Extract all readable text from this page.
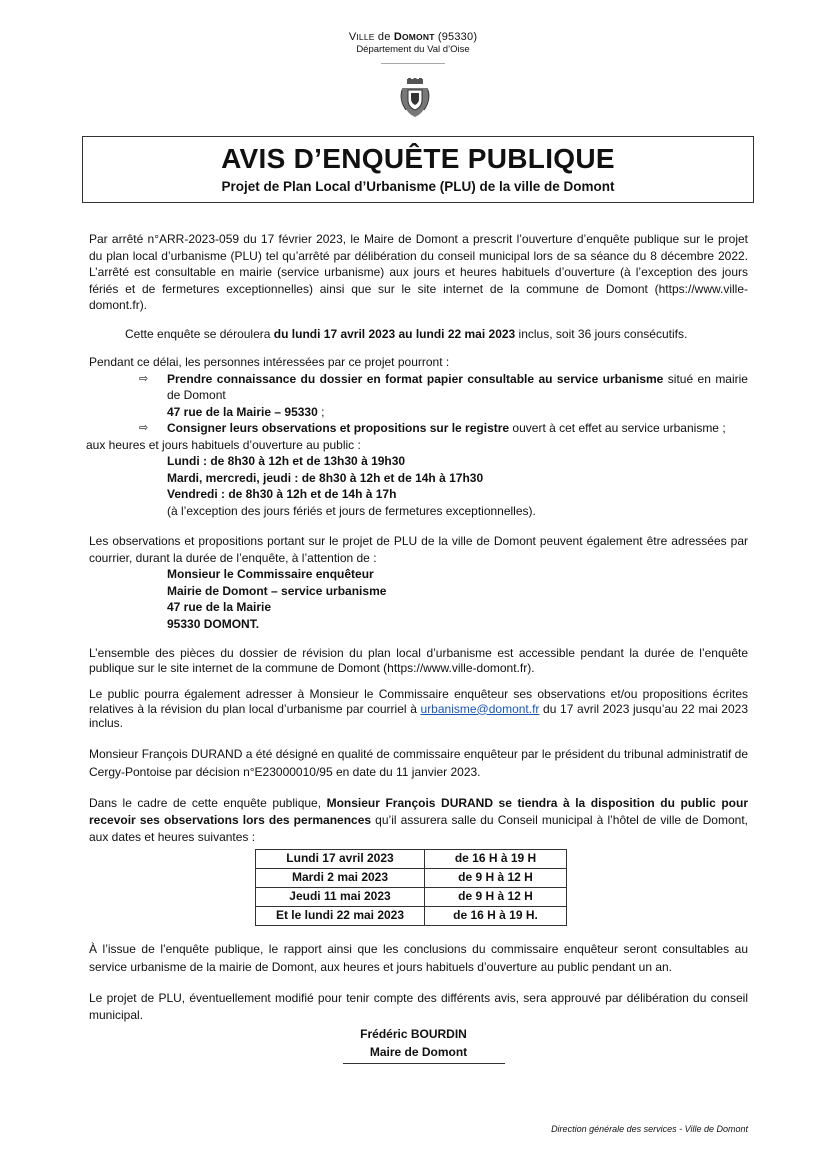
VILLE de DOMONT (95330)
Département du Val d’Oise
AVIS D’ENQUÊTE PUBLIQUE
Projet de Plan Local d’Urbanisme (PLU) de la ville de Domont

Par arrêté n°ARR-2023-059 du 17 février 2023, le Maire de Domont a prescrit l’ouverture d’enquête publique sur le projet du plan local d’urbanisme (PLU) tel qu’arrêté par délibération du conseil municipal lors de sa séance du 8 décembre 2022. L’arrêté est consultable en mairie (service urbanisme) aux jours et heures habituels d’ouverture (à l’exception des jours fériés et de fermetures exceptionnelles) ainsi que sur le site internet de la commune de Domont (https://www.ville-domont.fr).

Cette enquête se déroulera du lundi 17 avril 2023 au lundi 22 mai 2023 inclus, soit 36 jours consécutifs.

Pendant ce délai, les personnes intéressées par ce projet pourront :

⇨ Prendre connaissance du dossier en format papier consultable au service urbanisme situé en mairie de Domont

47 rue de la Mairie – 95330 ;

⇨ Consigner leurs observations et propositions sur le registre ouvert à cet effet au service urbanisme ;

aux heures et jours habituels d’ouverture au public :

Lundi : de 8h30 à 12h et de 13h30 à 19h30

Mardi, mercredi, jeudi : de 8h30 à 12h et de 14h à 17h30

Vendredi : de 8h30 à 12h et de 14h à 17h

(à l’exception des jours fériés et jours de fermetures exceptionnelles).

Les observations et propositions portant sur le projet de PLU de la ville de Domont peuvent également être adressées par courrier, durant la durée de l’enquête, à l’attention de :

Monsieur le Commissaire enquêteur

Mairie de Domont – service urbanisme

47 rue de la Mairie

95330 DOMONT.

L’ensemble des pièces du dossier de révision du plan local d’urbanisme est accessible pendant la durée de l’enquête publique sur le site internet de la commune de Domont (https://www.ville-domont.fr).

Le public pourra également adresser à Monsieur le Commissaire enquêteur ses observations et/ou propositions écrites relatives à la révision du plan local d’urbanisme par courriel à urbanisme@domont.fr du 17 avril 2023 jusqu’au 22 mai 2023 inclus.

Monsieur François DURAND a été désigné en qualité de commissaire enquêteur par le président du tribunal administratif de Cergy-Pontoise par décision n°E23000010/95 en date du 11 janvier 2023.

Dans le cadre de cette enquête publique, Monsieur François DURAND se tiendra à la disposition du public pour recevoir ses observations lors des permanences qu’il assurera salle du Conseil municipal à l’hôtel de ville de Domont, aux dates et heures suivantes :

Lundi 17 avril 2023	de 16 H à 19 H
Mardi 2 mai 2023	de 9 H à 12 H
Jeudi 11 mai 2023	de 9 H à 12 H
Et le lundi 22 mai 2023	de 16 H à 19 H.

À l’issue de l’enquête publique, le rapport ainsi que les conclusions du commissaire enquêteur seront consultables au service urbanisme de la mairie de Domont, aux heures et jours habituels d’ouverture au public pendant un an.

Le projet de PLU, éventuellement modifié pour tenir compte des différents avis, sera approuvé par délibération du conseil municipal.

Frédéric BOURDIN
Maire de Domont
Direction générale des services - Ville de Domont
